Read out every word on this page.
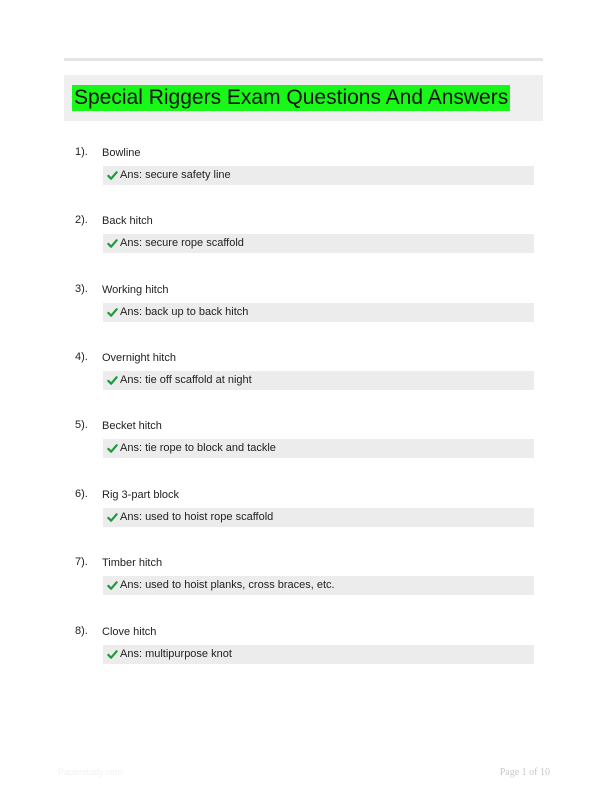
Special Riggers Exam Questions And Answers
1). Bowline
Ans: secure safety line
2). Back hitch
Ans: secure rope scaffold
3). Working hitch
Ans: back up to back hitch
4). Overnight hitch
Ans: tie off scaffold at night
5). Becket hitch
Ans: tie rope to block and tackle
6). Rig 3-part block
Ans: used to hoist rope scaffold
7). Timber hitch
Ans: used to hoist planks, cross braces, etc.
8). Clove hitch
Ans: multipurpose knot
Paperstudy.com	Page 1 of 10
